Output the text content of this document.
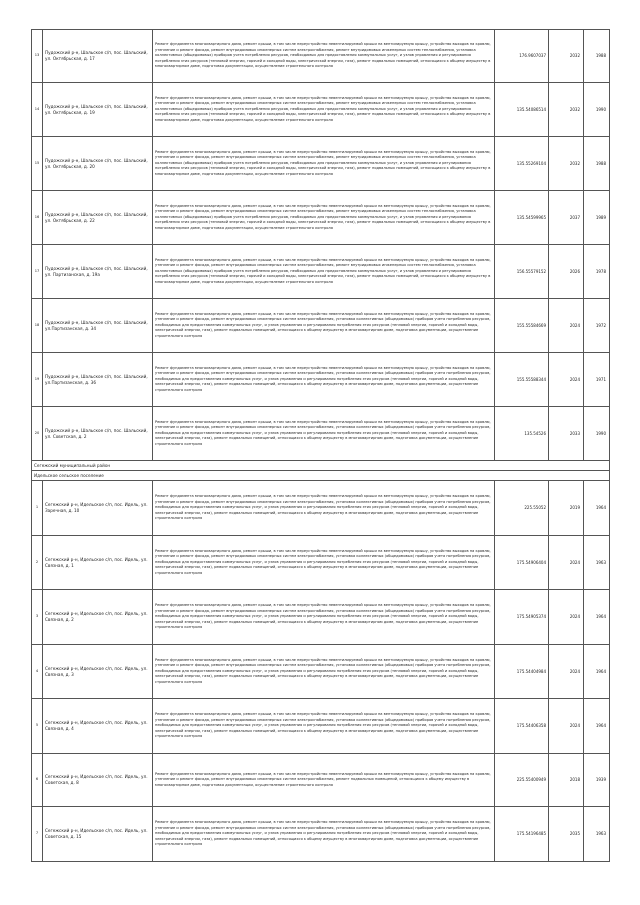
13	Пудожский р-н, Шальское с/п, пос. Шальский, ул. Октябрьская, д. 17	Ремонт фундамента многоквартирного дома, ремонт крыши, в том числе переустройство невентилируемой крыши на вентилируемую крышу, устройство выходов на кровлю, утепление и ремонт фасада, ремонт внутридомовых инженерных систем электроснабжения, ремонт внутридомовых инженерных систем теплоснабжения, установка коллективных (общедомовых) приборов учета потребления ресурсов, необходимых для предоставления коммунальных услуг, и узлов управления и регулирования потребления этих ресурсов (тепловой энергии, горячей и холодной воды, электрической энергии, газа), ремонт подвальных помещений, относящихся к общему имуществу в многоквартирном доме, подготовка документации, осуществление строительного контроля	176.9607037	2032	1988
14	Пудожский р-н, Шальское с/п, пос. Шальский, ул. Октябрьская, д. 19	Ремонт фундамента многоквартирного дома, ремонт крыши, в том числе переустройство невентилируемой крыши на вентилируемую крышу, устройство выходов на кровлю, утепление и ремонт фасада, ремонт внутридомовых инженерных систем электроснабжения, ремонт внутридомовых инженерных систем теплоснабжения, установка коллективных (общедомовых) приборов учета потребления ресурсов, необходимых для предоставления коммунальных услуг, и узлов управления и регулирования потребления этих ресурсов (тепловой энергии, горячей и холодной воды, электрической энергии, газа), ремонт подвальных помещений, относящихся к общему имуществу в многоквартирном доме, подготовка документации, осуществление строительного контроля	135.54086514	2032	1990
15	Пудожский р-н, Шальское с/п, пос. Шальский, ул. Октябрьская, д. 20	Ремонт фундамента многоквартирного дома, ремонт крыши, в том числе переустройство невентилируемой крыши на вентилируемую крышу, устройство выходов на кровлю, утепление и ремонт фасада, ремонт внутридомовых инженерных систем электроснабжения, ремонт внутридомовых инженерных систем теплоснабжения, установка коллективных (общедомовых) приборов учета потребления ресурсов, необходимых для предоставления коммунальных услуг, и узлов управления и регулирования потребления этих ресурсов (тепловой энергии, горячей и холодной воды, электрической энергии, газа), ремонт подвальных помещений, относящихся к общему имуществу в многоквартирном доме, подготовка документации, осуществление строительного контроля	135.55269104	2032	1988
16	Пудожский р-н, Шальское с/п, пос. Шальский, ул. Октябрьская, д. 22	Ремонт фундамента многоквартирного дома, ремонт крыши, в том числе переустройство невентилируемой крыши на вентилируемую крышу, устройство выходов на кровлю, утепление и ремонт фасада, ремонт внутридомовых инженерных систем электроснабжения, ремонт внутридомовых инженерных систем теплоснабжения, установка коллективных (общедомовых) приборов учета потребления ресурсов, необходимых для предоставления коммунальных услуг, и узлов управления и регулирования потребления этих ресурсов (тепловой энергии, горячей и холодной воды, электрической энергии, газа), ремонт подвальных помещений, относящихся к общему имуществу в многоквартирном доме, подготовка документации, осуществление строительного контроля	135.54599965	2037	1989
17	Пудожский р-н, Шальское с/п, пос. Шальский, ул. Партизанская, д. 19а	Ремонт фундамента многоквартирного дома, ремонт крыши, в том числе переустройство невентилируемой крыши на вентилируемую крышу, устройство выходов на кровлю, утепление и ремонт фасада, ремонт внутридомовых инженерных систем электроснабжения, ремонт внутридомовых инженерных систем теплоснабжения, установка коллективных (общедомовых) приборов учета потребления ресурсов, необходимых для предоставления коммунальных услуг, и узлов управления и регулирования потребления этих ресурсов (тепловой энергии, горячей и холодной воды, электрической энергии, газа), ремонт подвальных помещений, относящихся к общему имуществу в многоквартирном доме, подготовка документации, осуществление строительного контроля	156.55579152	2026	1978
18	Пудожский р-н, Шальское с/п, пос. Шальский, ул.Партизанская, д. 34	Ремонт фундамента многоквартирного дома, ремонт крыши, в том числе переустройство невентилируемой крыши на вентилируемую крышу, устройство выходов на кровлю, утепление и ремонт фасада, ремонт внутридомовых инженерных систем электроснабжения, установка коллективных (общедомовых) приборов учета потребления ресурсов, необходимых для предоставления коммунальных услуг, и узлов управления и регулирования потребления этих ресурсов (тепловой энергии, горячей и холодной воды, электрической энергии, газа), ремонт подвальных помещений, относящихся к общему имуществу в многоквартирном доме, подготовка документации, осуществление строительного контроля	155.55584669	2024	1972
19	Пудожский р-н, Шальское с/п, пос. Шальский, ул.Партизанская, д. 36	Ремонт фундамента многоквартирного дома, ремонт крыши, в том числе переустройство невентилируемой крыши на вентилируемую крышу, устройство выходов на кровлю, утепление и ремонт фасада, ремонт внутридомовых инженерных систем электроснабжения, установка коллективных (общедомовых) приборов учета потребления ресурсов, необходимых для предоставления коммунальных услуг, и узлов управления и регулирования потребления этих ресурсов (тепловой энергии, горячей и холодной воды, электрической энергии, газа), ремонт подвальных помещений, относящихся к общему имуществу в многоквартирном доме, подготовка документации, осуществление строительного контроля	155.55588344	2024	1971
20	Пудожский р-н, Шальское с/п, пос. Шальский, ул. Советская, д. 2	Ремонт фундамента многоквартирного дома, ремонт крыши, в том числе переустройство невентилируемой крыши на вентилируемую крышу, устройство выходов на кровлю, утепление и ремонт фасада, ремонт внутридомовых инженерных систем электроснабжения, установка коллективных (общедомовых) приборов учета потребления ресурсов, необходимых для предоставления коммунальных услуг, и узлов управления и регулирования потребления этих ресурсов (тепловой энергии, горячей и холодной воды, электрической энергии, газа), ремонт подвальных помещений, относящихся к общему имуществу в многоквартирном доме, подготовка документации, осуществление строительного контроля	135.54526	2033	1990
Сегежский муниципальный район					
Идельское сельское поселение					
1	Сегежский р-н, Идельское с/п, пос. Идель, ул. Заречная, д. 10	Ремонт фундамента многоквартирного дома, ремонт крыши, в том числе переустройство невентилируемой крыши на вентилируемую крышу, устройство выходов на кровлю, утепление и ремонт фасада, ремонт внутридомовых инженерных систем электроснабжения, установка коллективных (общедомовых) приборов учета потребления ресурсов, необходимых для предоставления коммунальных услуг, и узлов управления и регулирования потребления этих ресурсов (тепловой энергии, горячей и холодной воды, электрической энергии, газа), ремонт подвальных помещений, относящихся к общему имуществу в многоквартирном доме, подготовка документации, осуществление строительного контроля	225.55052	2019	1964
2	Сегежский р-н, Идельское с/п, пос. Идель, ул. Связная, д. 1	Ремонт фундамента многоквартирного дома, ремонт крыши, в том числе переустройство невентилируемой крыши на вентилируемую крышу, устройство выходов на кровлю, утепление и ремонт фасада, ремонт внутридомовых инженерных систем электроснабжения, установка коллективных (общедомовых) приборов учета потребления ресурсов, необходимых для предоставления коммунальных услуг, и узлов управления и регулирования потребления этих ресурсов (тепловой энергии, горячей и холодной воды, электрической энергии, газа), ремонт подвальных помещений, относящихся к общему имуществу в многоквартирном доме, подготовка документации, осуществление строительного контроля	175.54906404	2024	1963
3	Сегежский р-н, Идельское с/п, пос. Идель, ул. Связная, д. 2	Ремонт фундамента многоквартирного дома, ремонт крыши, в том числе переустройство невентилируемой крыши на вентилируемую крышу, устройство выходов на кровлю, утепление и ремонт фасада, ремонт внутридомовых инженерных систем электроснабжения, установка коллективных (общедомовых) приборов учета потребления ресурсов, необходимых для предоставления коммунальных услуг, и узлов управления и регулирования потребления этих ресурсов (тепловой энергии, горячей и холодной воды, электрической энергии, газа), ремонт подвальных помещений, относящихся к общему имуществу в многоквартирном доме, подготовка документации, осуществление строительного контроля	175.54905374	2024	1964
4	Сегежский р-н, Идельское с/п, пос. Идель, ул. Связная, д. 3	Ремонт фундамента многоквартирного дома, ремонт крыши, в том числе переустройство невентилируемой крыши на вентилируемую крышу, устройство выходов на кровлю, утепление и ремонт фасада, ремонт внутридомовых инженерных систем электроснабжения, установка коллективных (общедомовых) приборов учета потребления ресурсов, необходимых для предоставления коммунальных услуг, и узлов управления и регулирования потребления этих ресурсов (тепловой энергии, горячей и холодной воды, электрической энергии, газа), ремонт подвальных помещений, относящихся к общему имуществу в многоквартирном доме, подготовка документации, осуществление строительного контроля	175.54404984	2024	1964
5	Сегежский р-н, Идельское с/п, пос. Идель, ул. Связная, д. 4	Ремонт фундамента многоквартирного дома, ремонт крыши, в том числе переустройство невентилируемой крыши на вентилируемую крышу, устройство выходов на кровлю, утепление и ремонт фасада, ремонт внутридомовых инженерных систем электроснабжения, установка коллективных (общедомовых) приборов учета потребления ресурсов, необходимых для предоставления коммунальных услуг, и узлов управления и регулирования потребления этих ресурсов (тепловой энергии, горячей и холодной воды, электрической энергии, газа), ремонт подвальных помещений, относящихся к общему имуществу в многоквартирном доме, подготовка документации, осуществление строительного контроля	175.54406358	2024	1964
6	Сегежский р-н, Идельское с/п, пос. Идель, ул. Советская, д. 8	Ремонт фундамента многоквартирного дома, ремонт крыши, в том числе переустройство невентилируемой крыши на вентилируемую крышу, устройство выходов на кровлю, утепление и ремонт фасада, ремонт внутридомовых инженерных систем электроснабжения, ремонт подвальных помещений, относящихся к общему имуществу в многоквартирном доме, подготовка документации, осуществление строительного контроля	225.55400949	2018	1939
7	Сегежский р-н, Идельское с/п, пос. Идель, ул. Советская, д. 15	Ремонт фундамента многоквартирного дома, ремонт крыши, в том числе переустройство невентилируемой крыши на вентилируемую крышу, устройство выходов на кровлю, утепление и ремонт фасада, ремонт внутридомовых инженерных систем электроснабжения, установка коллективных (общедомовых) приборов учета потребления ресурсов, необходимых для предоставления коммунальных услуг, и узлов управления и регулирования потребления этих ресурсов (тепловой энергии, горячей и холодной воды, электрической энергии, газа), ремонт подвальных помещений, относящихся к общему имуществу в многоквартирном доме, подготовка документации, осуществление строительного контроля	175.54196485	2035	1963
